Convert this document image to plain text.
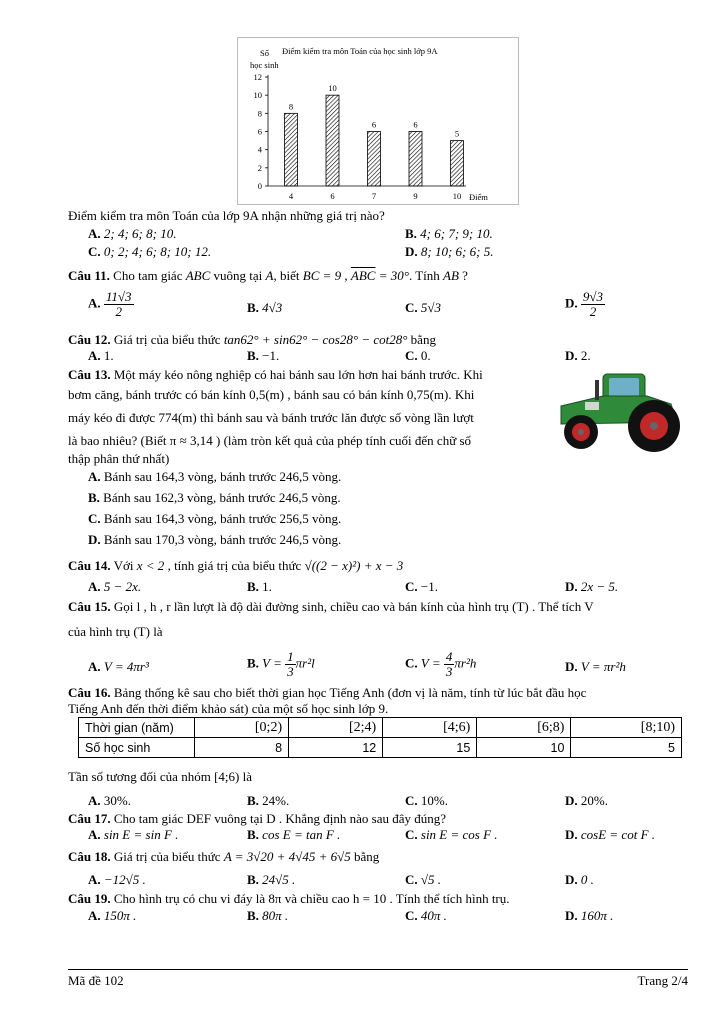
Điểm kiểm tra môn Toán của học sinh lớp 9A
Số
học sinh
Điểm
0
2
4
6
8
10
12
8
4
10
6
6
7
6
9
5
10
Điểm kiểm tra môn Toán của lớp 9A nhận những giá trị nào?
A. 2; 4; 6; 8; 10.	B. 4; 6; 7; 9; 10.
C. 0; 2; 4; 6; 8; 10; 12.	D. 8; 10; 6; 6; 5.
Câu 11. Cho tam giác ABC vuông tại A, biết BC = 9 , $\overline{ABC} = 30^\circ$. Tính AB ?
A. $\frac{11√3}{2}$	B. 4√3	C. 5√3	D. $\frac{9√3}{2}$
Câu 12. Giá trị của biểu thức tan62° + sin62° − cos28° − cot28° bằng
A. 1.	B. −1.	C. 0.	D. 2.
Câu 13. Một máy kéo nông nghiệp có hai bánh sau lớn hơn hai bánh trước. Khi
bơm căng, bánh trước có bán kính 0,5(m) , bánh sau có bán kính 0,75(m). Khi
máy kéo đi được 774(m) thì bánh sau và bánh trước lăn được số vòng lần lượt
là bao nhiêu? (Biết π ≈ 3,14 ) (làm tròn kết quả của phép tính cuối đến chữ số
thập phân thứ nhất)
A. Bánh sau 164,3 vòng, bánh trước 246,5 vòng.
B. Bánh sau 162,3 vòng, bánh trước 246,5 vòng.
C. Bánh sau 164,3 vòng, bánh trước 256,5 vòng.
D. Bánh sau 170,3 vòng, bánh trước 246,5 vòng.
Câu 14. Với x < 2 , tính giá trị của biểu thức √((2 − x)²) + x − 3
A. 5 − 2x.	B. 1.	C. −1.	D. 2x − 5.
Câu 15. Gọi l , h , r lần lượt là độ dài đường sinh, chiều cao và bán kính của hình trụ (T) . Thể tích V
của hình trụ (T) là
A. V = 4πr³	B. $V = \frac{1}{3} \pi r^2l$	C. $V = \frac{4}{3} \pi r^2h$	D. V = πr²h
Câu 16. Bảng thống kê sau cho biết thời gian học Tiếng Anh (đơn vị là năm, tính từ lúc bắt đầu học
Tiếng Anh đến thời điểm khảo sát) của một số học sinh lớp 9.
Thời gian (năm)	[0;2)	[2;4)	[4;6)	[6;8)	[8;10)
Số học sinh	8	12	15	10	5
Tần số tương đối của nhóm [4;6) là
A. 30%.	B. 24%.	C. 10%.	D. 20%.
Câu 17. Cho tam giác DEF vuông tại D . Khẳng định nào sau đây đúng?
A. sin E = sin F .	B. cos E = tan F .	C. sin E = cos F .	D. cosE = cot F .
Câu 18. Giá trị của biểu thức A = 3√20 + 4√45 + 6√5 bằng
A. −12√5 .	B. 24√5 .	C. √5 .	D. 0 .
Câu 19. Cho hình trụ có chu vi đáy là 8π và chiều cao h = 10 . Tính thể tích hình trụ.
A. 150π .	B. 80π .	C. 40π .	D. 160π .
Mã đề 102	Trang 2/4
